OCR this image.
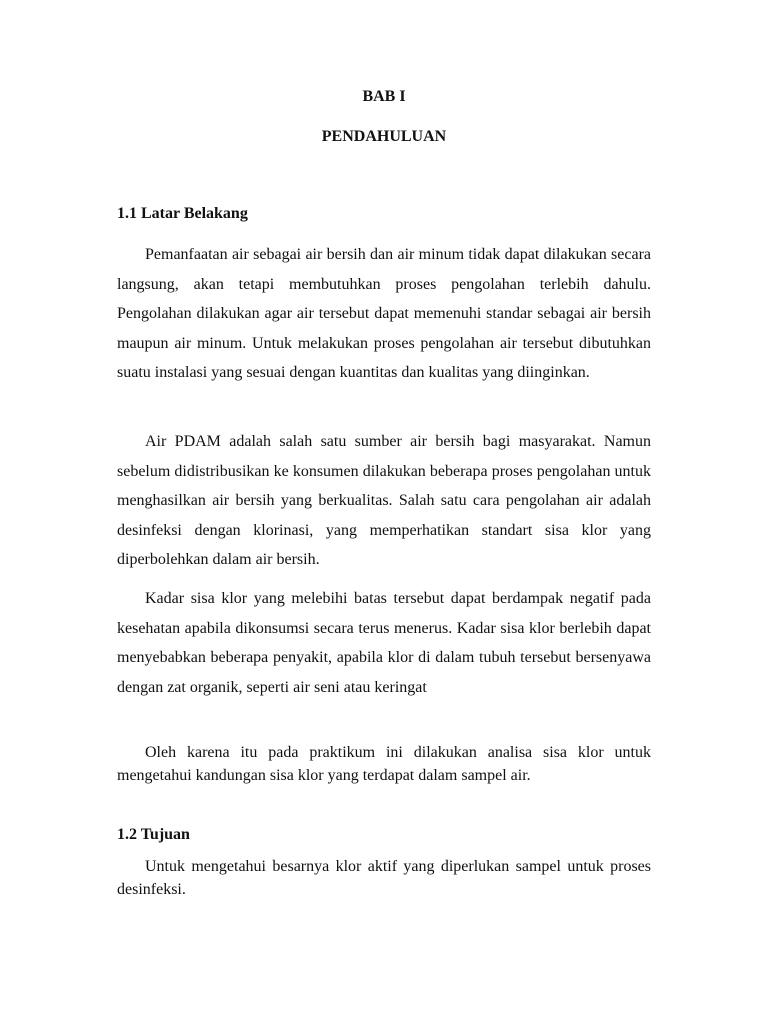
BAB I
PENDAHULUAN
1.1 Latar Belakang

Pemanfaatan air sebagai air bersih dan air minum tidak dapat dilakukan secara langsung, akan tetapi membutuhkan proses pengolahan terlebih dahulu. Pengolahan dilakukan agar air tersebut dapat memenuhi standar sebagai air bersih maupun air minum. Untuk melakukan proses pengolahan air tersebut dibutuhkan suatu instalasi yang sesuai dengan kuantitas dan kualitas yang diinginkan.

Air PDAM adalah salah satu sumber air bersih bagi masyarakat. Namun sebelum didistribusikan ke konsumen dilakukan beberapa proses pengolahan untuk menghasilkan air bersih yang berkualitas. Salah satu cara pengolahan air adalah desinfeksi dengan klorinasi, yang memperhatikan standart sisa klor yang diperbolehkan dalam air bersih.

Kadar sisa klor yang melebihi batas tersebut dapat berdampak negatif pada kesehatan apabila dikonsumsi secara terus menerus. Kadar sisa klor berlebih dapat menyebabkan beberapa penyakit, apabila klor di dalam tubuh tersebut bersenyawa dengan zat organik, seperti air seni atau keringat

Oleh karena itu pada praktikum ini dilakukan analisa sisa klor untuk mengetahui kandungan sisa klor yang terdapat dalam sampel air.

1.2 Tujuan

Untuk mengetahui besarnya klor aktif yang diperlukan sampel untuk proses desinfeksi.
